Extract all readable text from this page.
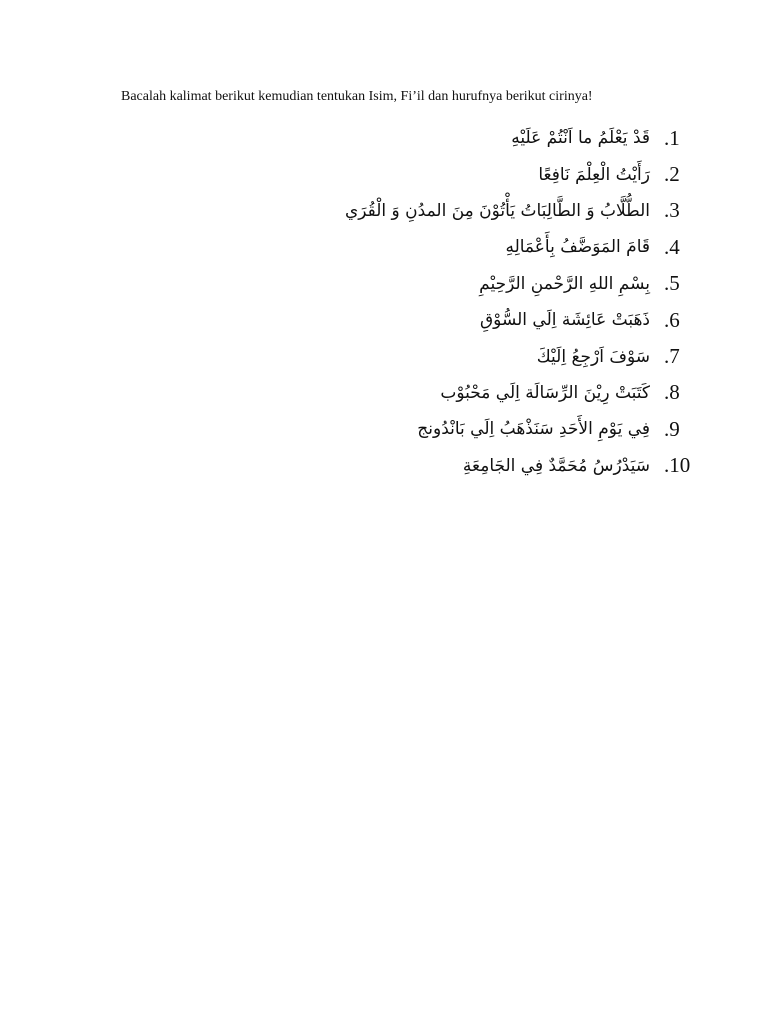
Bacalah kalimat berikut kemudian tentukan Isim, Fi’il dan hurufnya berikut cirinya!
قَدْ يَعْلَمُ ما اَنْتُمْ عَلَيْهِ .1
رَأَيْتُ الْعِلْمَ نَافِعًا .2
الطُّلَّابُ وَ الطَّالِبَاتُ يَأْتُوْنَ مِنَ المدُنِ وَ الْقُرَي .3
قَامَ المَوَضَّفُ بِأَعْمَالِهِ .4
بِسْمِ اللهِ الرَّحْمنِ الرَّحِيْمِ .5
ذَهَبَتْ عَائِشَة اِلَي السُّوْقِ .6
سَوْفَ اَرْجِعُ اِلَيْكَ .7
كَتَبَتْ رِيْنَ الرِّسَالَة اِلَي مَحْبُوْب .8
فِي يَوْمِ الأَحَدِ سَنَذْهَبُ اِلَي بَانْدُونج .9
سَيَدْرُسُ مُحَمَّدٌ فِي الجَامِعَةِ .10
